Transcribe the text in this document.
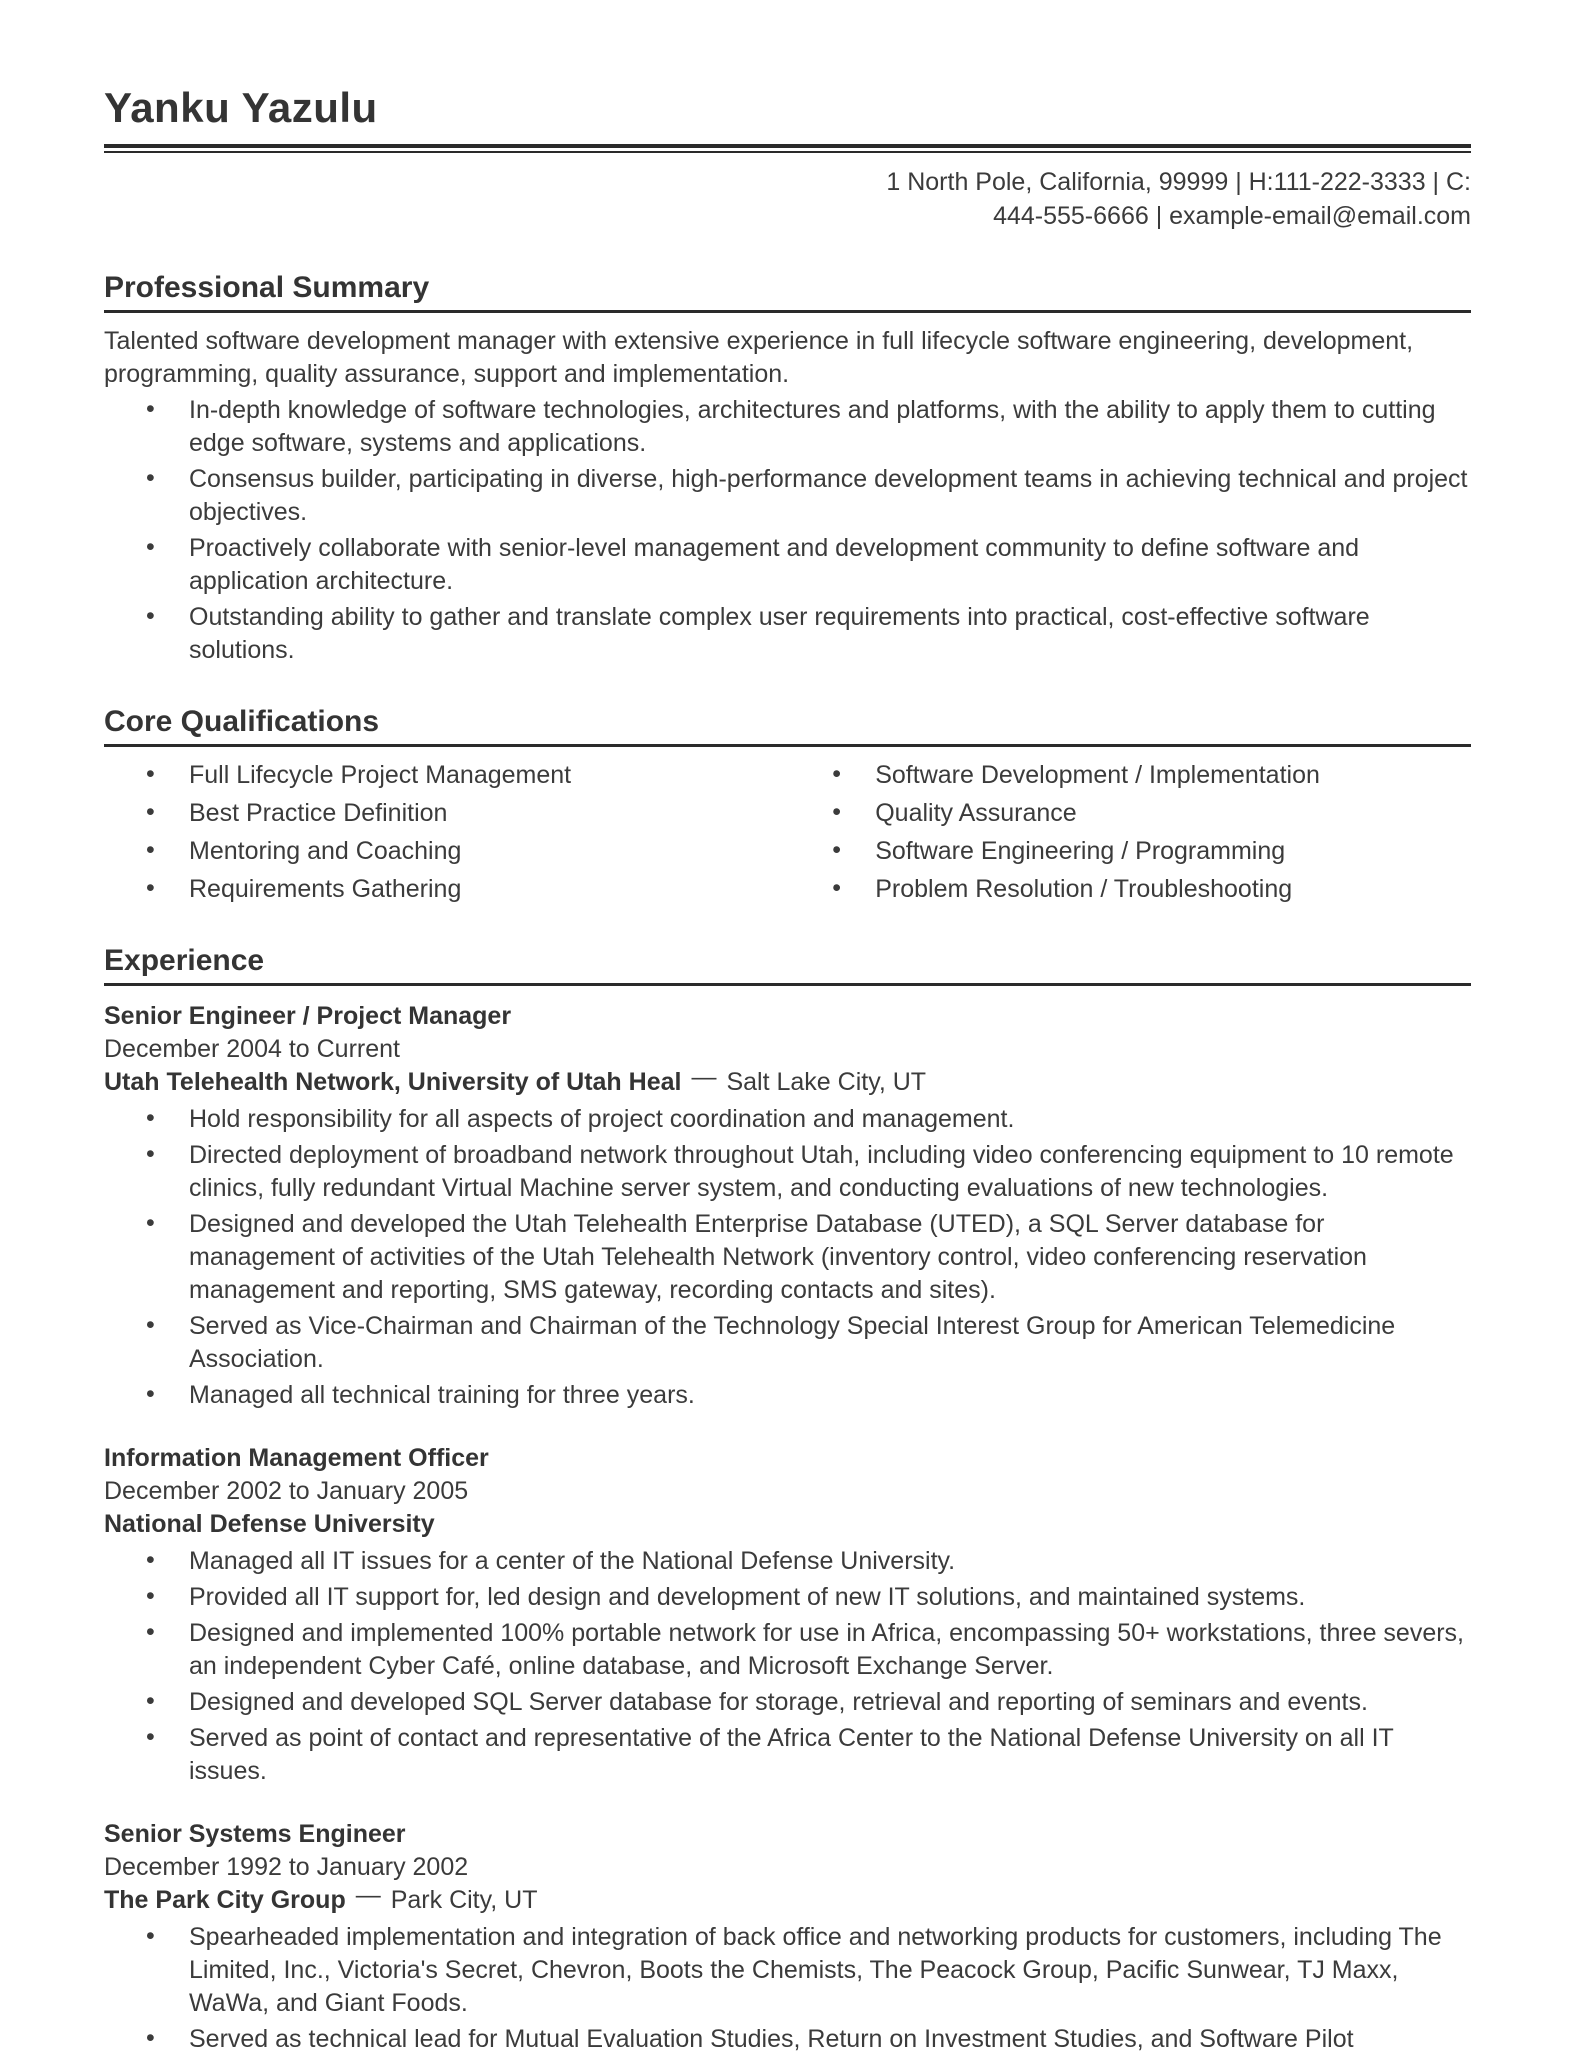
Yanku Yazulu
1 North Pole, California, 99999 | H:111-222-3333 | C:
444-555-6666 | example-email@email.com
Professional Summary

Talented software development manager with extensive experience in full lifecycle software engineering, development, programming, quality assurance, support and implementation.

• In-depth knowledge of software technologies, architectures and platforms, with the ability to apply them to cutting edge software, systems and applications.
• Consensus builder, participating in diverse, high-performance development teams in achieving technical and project objectives.
• Proactively collaborate with senior-level management and development community to define software and application architecture.
• Outstanding ability to gather and translate complex user requirements into practical, cost-effective software solutions.
Core Qualifications
• Full Lifecycle Project Management
• Best Practice Definition
• Mentoring and Coaching
• Requirements Gathering
• Software Development / Implementation
• Quality Assurance
• Software Engineering / Programming
• Problem Resolution / Troubleshooting
Experience
Senior Engineer / Project Manager
December 2004 to Current
Utah Telehealth Network, University of Utah Heal — Salt Lake City, UT
• Hold responsibility for all aspects of project coordination and management.
• Directed deployment of broadband network throughout Utah, including video conferencing equipment to 10 remote clinics, fully redundant Virtual Machine server system, and conducting evaluations of new technologies.
• Designed and developed the Utah Telehealth Enterprise Database (UTED), a SQL Server database for management of activities of the Utah Telehealth Network (inventory control, video conferencing reservation management and reporting, SMS gateway, recording contacts and sites).
• Served as Vice-Chairman and Chairman of the Technology Special Interest Group for American Telemedicine Association.
• Managed all technical training for three years.
Information Management Officer
December 2002 to January 2005
National Defense University
• Managed all IT issues for a center of the National Defense University.
• Provided all IT support for, led design and development of new IT solutions, and maintained systems.
• Designed and implemented 100% portable network for use in Africa, encompassing 50+ workstations, three severs, an independent Cyber Café, online database, and Microsoft Exchange Server.
• Designed and developed SQL Server database for storage, retrieval and reporting of seminars and events.
• Served as point of contact and representative of the Africa Center to the National Defense University on all IT issues.
Senior Systems Engineer
December 1992 to January 2002
The Park City Group — Park City, UT
• Spearheaded implementation and integration of back office and networking products for customers, including The Limited, Inc., Victoria's Secret, Chevron, Boots the Chemists, The Peacock Group, Pacific Sunwear, TJ Maxx, WaWa, and Giant Foods.
• Served as technical lead for Mutual Evaluation Studies, Return on Investment Studies, and Software Pilot
